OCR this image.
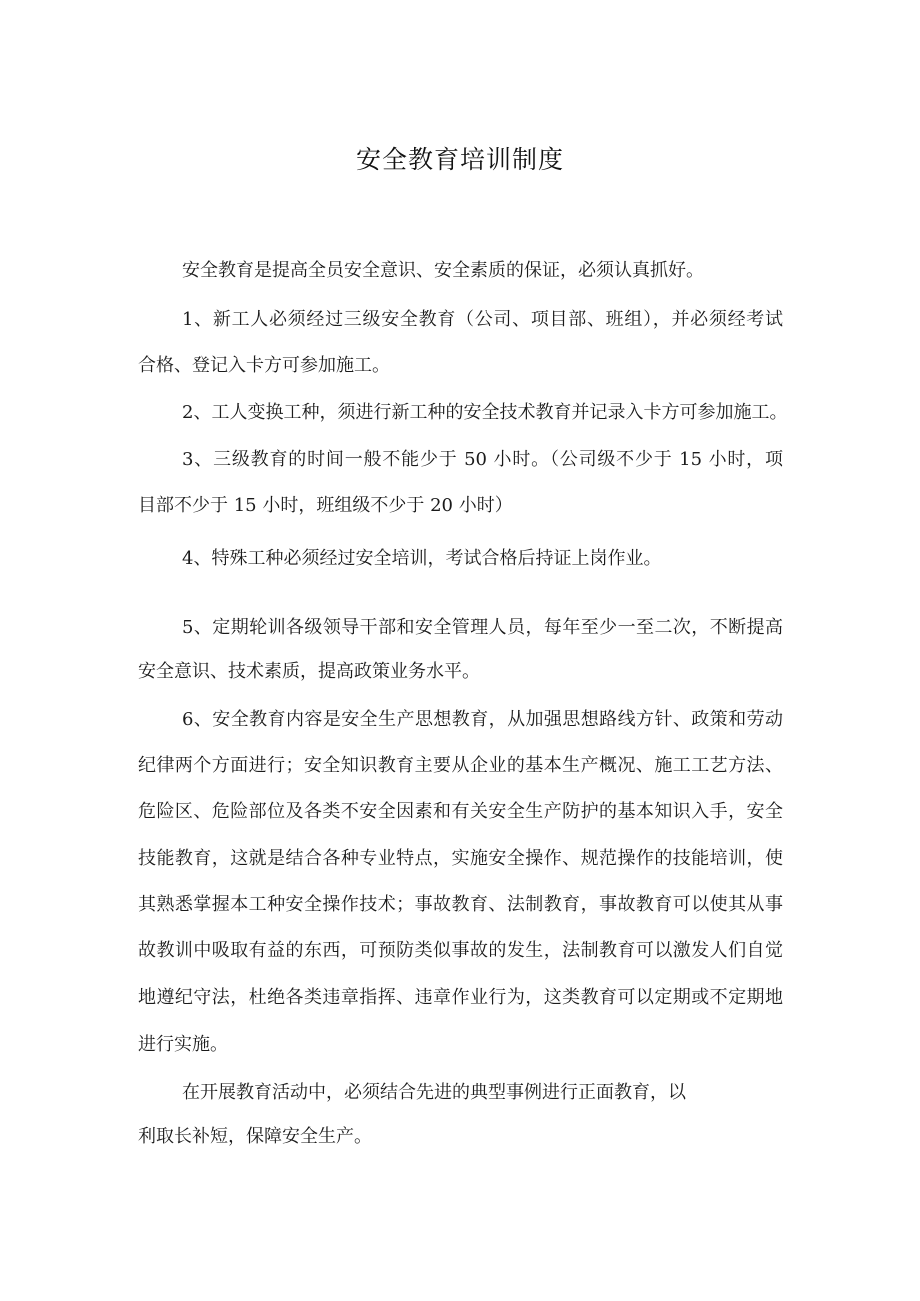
安全教育培训制度
安全教育是提高全员安全意识、安全素质的保证，必须认真抓好。
1、新工人必须经过三级安全教育（公司、项目部、班组），并必须经考试
合格、登记入卡方可参加施工。
2、工人变换工种，须进行新工种的安全技术教育并记录入卡方可参加施工。
3、三级教育的时间一般不能少于 50 小时。（公司级不少于 15 小时，项
目部不少于 15 小时，班组级不少于 20 小时）
4、特殊工种必须经过安全培训，考试合格后持证上岗作业。
5、定期轮训各级领导干部和安全管理人员，每年至少一至二次，不断提高
安全意识、技术素质，提高政策业务水平。
6、安全教育内容是安全生产思想教育，从加强思想路线方针、政策和劳动
纪律两个方面进行；安全知识教育主要从企业的基本生产概况、施工工艺方法、
危险区、危险部位及各类不安全因素和有关安全生产防护的基本知识入手，安全
技能教育，这就是结合各种专业特点，实施安全操作、规范操作的技能培训，使
其熟悉掌握本工种安全操作技术；事故教育、法制教育，事故教育可以使其从事
故教训中吸取有益的东西，可预防类似事故的发生，法制教育可以激发人们自觉
地遵纪守法，杜绝各类违章指挥、违章作业行为，这类教育可以定期或不定期地
进行实施。
在开展教育活动中，必须结合先进的典型事例进行正面教育，以
利取长补短，保障安全生产。
